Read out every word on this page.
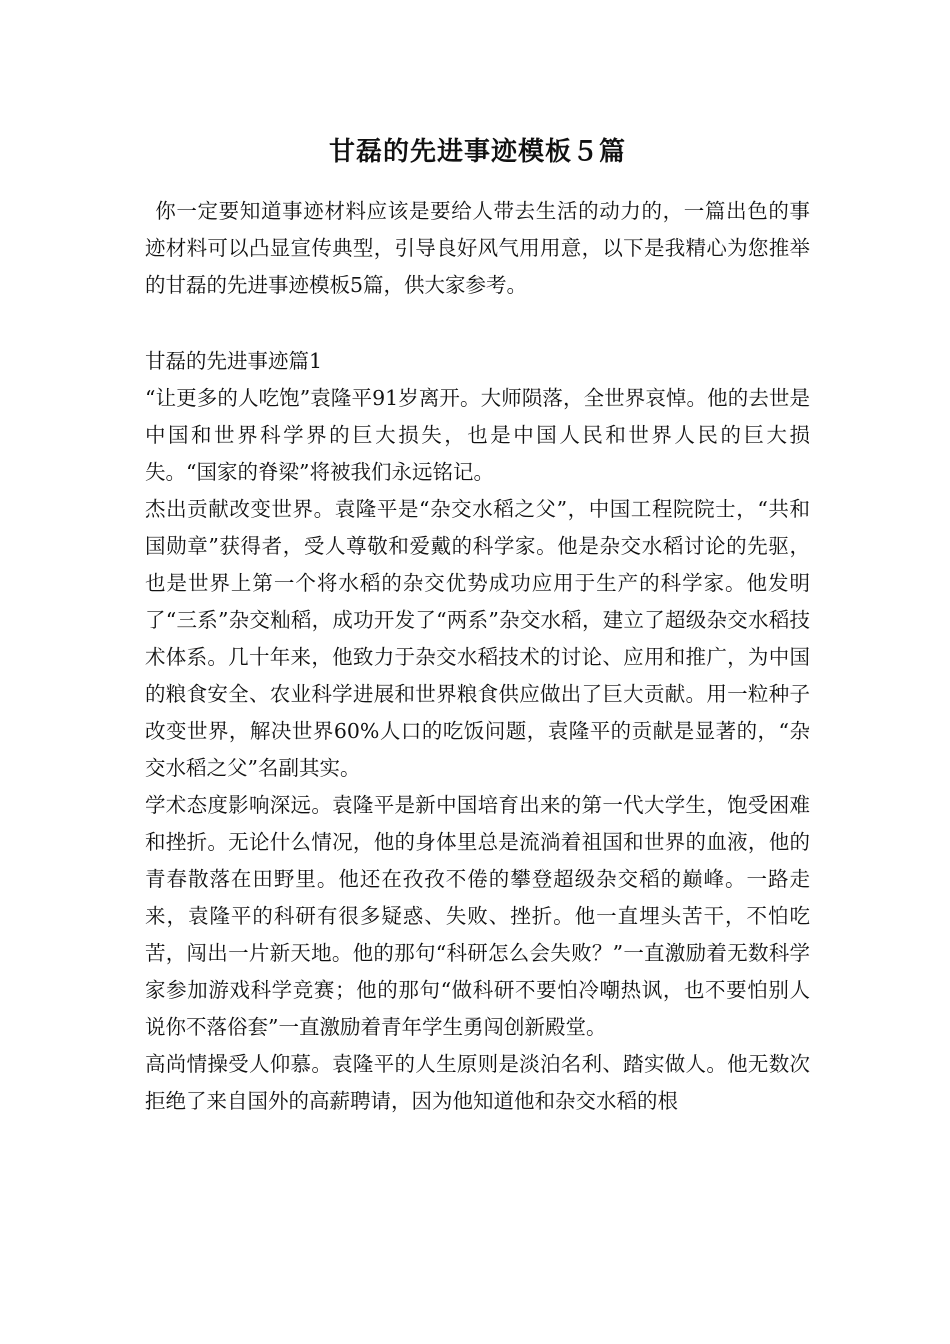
甘磊的先进事迹模板５篇

你一定要知道事迹材料应该是要给人带去生活的动力的，一篇出色的事迹材料可以凸显宣传典型，引导良好风气用用意，以下是我精心为您推举的甘磊的先进事迹模板5篇，供大家参考。

甘磊的先进事迹篇1

“让更多的人吃饱”袁隆平91岁离开。大师陨落，全世界哀悼。他的去世是中国和世界科学界的巨大损失，也是中国人民和世界人民的巨大损失。“国家的脊梁”将被我们永远铭记。

杰出贡献改变世界。袁隆平是“杂交水稻之父”，中国工程院院士，“共和国勋章”获得者，受人尊敬和爱戴的科学家。他是杂交水稻讨论的先驱，也是世界上第一个将水稻的杂交优势成功应用于生产的科学家。他发明了“三系”杂交籼稻，成功开发了“两系”杂交水稻，建立了超级杂交水稻技术体系。几十年来，他致力于杂交水稻技术的讨论、应用和推广，为中国的粮食安全、农业科学进展和世界粮食供应做出了巨大贡献。用一粒种子改变世界，解决世界60%人口的吃饭问题，袁隆平的贡献是显著的，“杂交水稻之父”名副其实。

学术态度影响深远。袁隆平是新中国培育出来的第一代大学生，饱受困难和挫折。无论什么情况，他的身体里总是流淌着祖国和世界的血液，他的青春散落在田野里。他还在孜孜不倦的攀登超级杂交稻的巅峰。一路走来，袁隆平的科研有很多疑惑、失败、挫折。他一直埋头苦干，不怕吃苦，闯出一片新天地。他的那句“科研怎么会失败？”一直激励着无数科学家参加游戏科学竞赛；他的那句“做科研不要怕冷嘲热讽，也不要怕别人说你不落俗套”一直激励着青年学生勇闯创新殿堂。

高尚情操受人仰慕。袁隆平的人生原则是淡泊名利、踏实做人。他无数次拒绝了来自国外的高薪聘请，因为他知道他和杂交水稻的根
